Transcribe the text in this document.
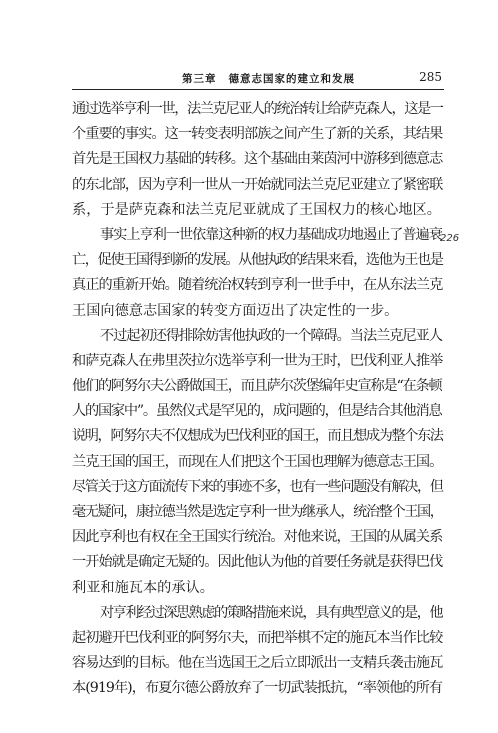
第三章 德意志国家的建立和发展	285
226
通过选举亨利一世，法兰克尼亚人的统治转让给萨克森人，这是一
个重要的事实。这一转变表明部族之间产生了新的关系，其结果
首先是王国权力基础的转移。这个基础由莱茵河中游移到德意志
的东北部，因为亨利一世从一开始就同法兰克尼亚建立了紧密联
系，于是萨克森和法兰克尼亚就成了王国权力的核心地区。
事实上亨利一世依靠这种新的权力基础成功地遏止了普遍衰
亡，促使王国得到新的发展。从他执政的结果来看，选他为王也是
真正的重新开始。随着统治权转到亨利一世手中，在从东法兰克
王国向德意志国家的转变方面迈出了决定性的一步。
不过起初还得排除妨害他执政的一个障碍。当法兰克尼亚人
和萨克森人在弗里茨拉尔选举亨利一世为王时，巴伐利亚人推举
他们的阿努尔夫公爵做国王，而且萨尔茨堡编年史宣称是“在条顿
人的国家中”。虽然仪式是罕见的，成问题的，但是结合其他消息
说明，阿努尔夫不仅想成为巴伐利亚的国王，而且想成为整个东法
兰克王国的国王，而现在人们把这个王国也理解为德意志王国。
尽管关于这方面流传下来的事迹不多，也有一些问题没有解决，但
毫无疑问，康拉德当然是选定亨利一世为继承人，统治整个王国，
因此亨利也有权在全王国实行统治。对他来说，王国的从属关系
一开始就是确定无疑的。因此他认为他的首要任务就是获得巴伐
利亚和施瓦本的承认。
对亨利经过深思熟虑的策略措施来说，具有典型意义的是，他
起初避开巴伐利亚的阿努尔夫，而把举棋不定的施瓦本当作比较
容易达到的目标。他在当选国王之后立即派出一支精兵袭击施瓦
本(919年)，布夏尔德公爵放弃了一切武装抵抗，“率领他的所有
